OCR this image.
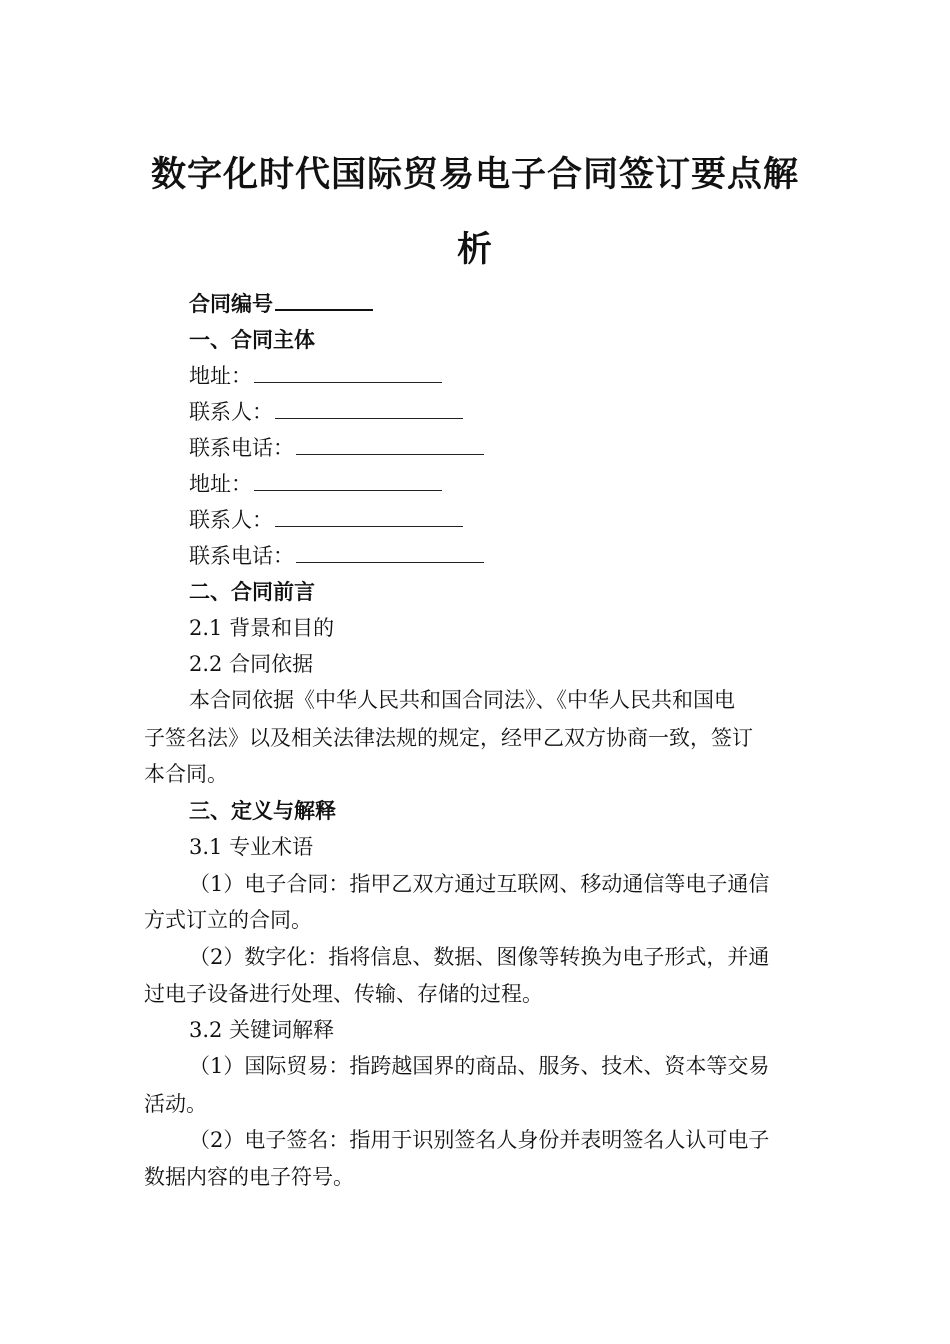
数字化时代国际贸易电子合同签订要点解
析
合同编号
一、合同主体
地址：
联系人：
联系电话：
地址：
联系人：
联系电话：
二、合同前言
2.1 背景和目的
2.2 合同依据
本合同依据《中华人民共和国合同法》、《中华人民共和国电
子签名法》以及相关法律法规的规定，经甲乙双方协商一致，签订
本合同。
三、定义与解释
3.1 专业术语
（1）电子合同：指甲乙双方通过互联网、移动通信等电子通信
方式订立的合同。
（2）数字化：指将信息、数据、图像等转换为电子形式，并通
过电子设备进行处理、传输、存储的过程。
3.2 关键词解释
（1）国际贸易：指跨越国界的商品、服务、技术、资本等交易
活动。
（2）电子签名：指用于识别签名人身份并表明签名人认可电子
数据内容的电子符号。
